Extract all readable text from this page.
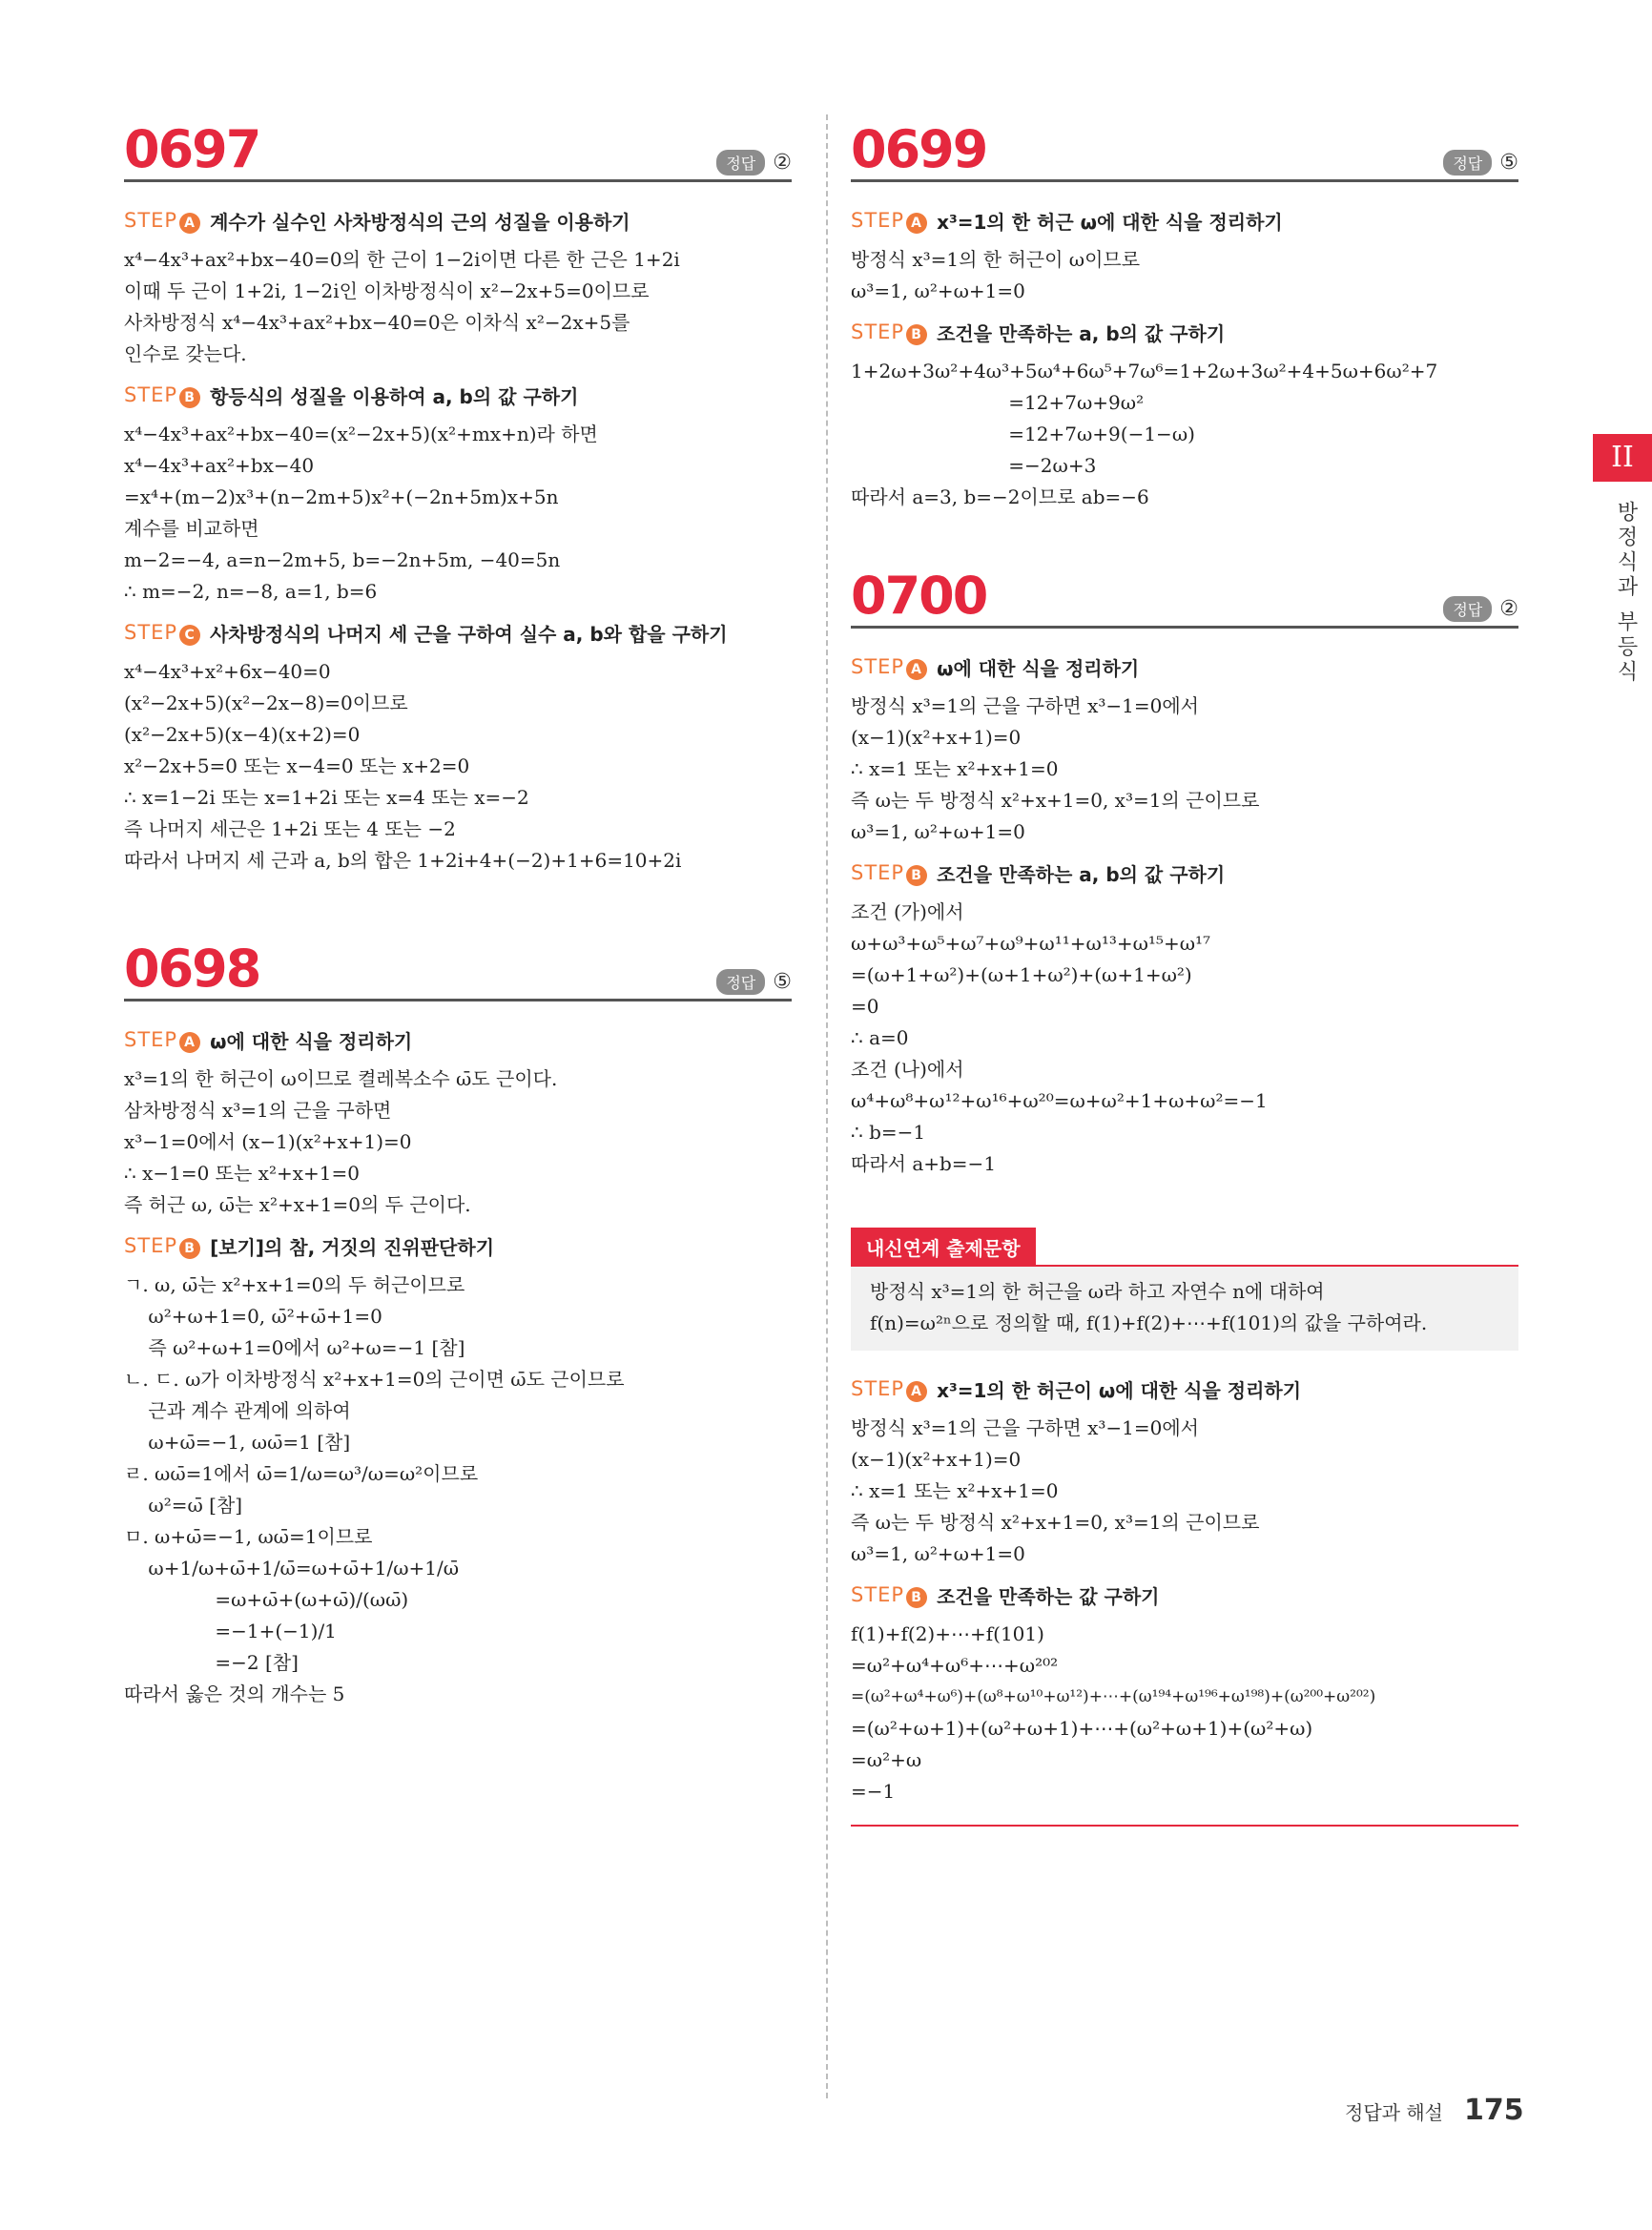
0697	정답 ②
STEP A 계수가 실수인 사차방정식의 근의 성질을 이용하기
x⁴−4x³+ax²+bx−40=0의 한 근이 1−2i이면 다른 한 근은 1+2i
이때 두 근이 1+2i, 1−2i인 이차방정식이 x²−2x+5=0이므로
사차방정식 x⁴−4x³+ax²+bx−40=0은 이차식 x²−2x+5를
인수로 갖는다.
STEP B 항등식의 성질을 이용하여 a, b의 값 구하기
x⁴−4x³+ax²+bx−40=(x²−2x+5)(x²+mx+n)라 하면
x⁴−4x³+ax²+bx−40
=x⁴+(m−2)x³+(n−2m+5)x²+(−2n+5m)x+5n
계수를 비교하면
m−2=−4, a=n−2m+5, b=−2n+5m, −40=5n
∴ m=−2, n=−8, a=1, b=6
STEP C 사차방정식의 나머지 세 근을 구하여 실수 a, b와 합을 구하기
x⁴−4x³+x²+6x−40=0
(x²−2x+5)(x²−2x−8)=0이므로
(x²−2x+5)(x−4)(x+2)=0
x²−2x+5=0 또는 x−4=0 또는 x+2=0
∴ x=1−2i 또는 x=1+2i 또는 x=4 또는 x=−2
즉 나머지 세근은 1+2i 또는 4 또는 −2
따라서 나머지 세 근과 a, b의 합은 1+2i+4+(−2)+1+6=10+2i
0698	정답 ⑤
STEP A ω에 대한 식을 정리하기
x³=1의 한 허근이 ω이므로 켤레복소수 ω̄도 근이다.
삼차방정식 x³=1의 근을 구하면
x³−1=0에서 (x−1)(x²+x+1)=0
∴ x−1=0 또는 x²+x+1=0
즉 허근 ω, ω̄는 x²+x+1=0의 두 근이다.
STEP B [보기]의 참, 거짓의 진위판단하기
ㄱ. ω, ω̄는 x²+x+1=0의 두 허근이므로
ω²+ω+1=0, ω̄²+ω̄+1=0
즉 ω²+ω+1=0에서 ω²+ω=−1 [참]
ㄴ. ㄷ. ω가 이차방정식 x²+x+1=0의 근이면 ω̄도 근이므로
근과 계수 관계에 의하여
ω+ω̄=−1, ωω̄=1 [참]
ㄹ. ωω̄=1에서 ω̄=1/ω=ω³/ω=ω²이므로
ω²=ω̄ [참]
ㅁ. ω+ω̄=−1, ωω̄=1이므로
ω+1/ω+ω̄+1/ω̄=ω+ω̄+1/ω+1/ω̄
=ω+ω̄+(ω+ω̄)/(ωω̄)
=−1+(−1)/1
=−2 [참]
따라서 옳은 것의 개수는 5
0699	정답 ⑤
STEP A x³=1의 한 허근 ω에 대한 식을 정리하기
방정식 x³=1의 한 허근이 ω이므로
ω³=1, ω²+ω+1=0
STEP B 조건을 만족하는 a, b의 값 구하기
1+2ω+3ω²+4ω³+5ω⁴+6ω⁵+7ω⁶=1+2ω+3ω²+4+5ω+6ω²+7
=12+7ω+9ω²
=12+7ω+9(−1−ω)
=−2ω+3
따라서 a=3, b=−2이므로 ab=−6
0700	정답 ②
STEP A ω에 대한 식을 정리하기
방정식 x³=1의 근을 구하면 x³−1=0에서
(x−1)(x²+x+1)=0
∴ x=1 또는 x²+x+1=0
즉 ω는 두 방정식 x²+x+1=0, x³=1의 근이므로
ω³=1, ω²+ω+1=0
STEP B 조건을 만족하는 a, b의 값 구하기
조건 (가)에서
ω+ω³+ω⁵+ω⁷+ω⁹+ω¹¹+ω¹³+ω¹⁵+ω¹⁷
=(ω+1+ω²)+(ω+1+ω²)+(ω+1+ω²)
=0
∴ a=0
조건 (나)에서
ω⁴+ω⁸+ω¹²+ω¹⁶+ω²⁰=ω+ω²+1+ω+ω²=−1
∴ b=−1
따라서 a+b=−1
내신연계 출제문항
방정식 x³=1의 한 허근을 ω라 하고 자연수 n에 대하여
f(n)=ω²ⁿ으로 정의할 때, f(1)+f(2)+⋯+f(101)의 값을 구하여라.
STEP A x³=1의 한 허근이 ω에 대한 식을 정리하기
방정식 x³=1의 근을 구하면 x³−1=0에서
(x−1)(x²+x+1)=0
∴ x=1 또는 x²+x+1=0
즉 ω는 두 방정식 x²+x+1=0, x³=1의 근이므로
ω³=1, ω²+ω+1=0
STEP B 조건을 만족하는 값 구하기
f(1)+f(2)+⋯+f(101)
=ω²+ω⁴+ω⁶+⋯+ω²⁰²
=(ω²+ω⁴+ω⁶)+(ω⁸+ω¹⁰+ω¹²)+⋯+(ω¹⁹⁴+ω¹⁹⁶+ω¹⁹⁸)+(ω²⁰⁰+ω²⁰²)
=(ω²+ω+1)+(ω²+ω+1)+⋯+(ω²+ω+1)+(ω²+ω)
=ω²+ω
=−1
II
방정식과 부등식
정답과 해설 175
